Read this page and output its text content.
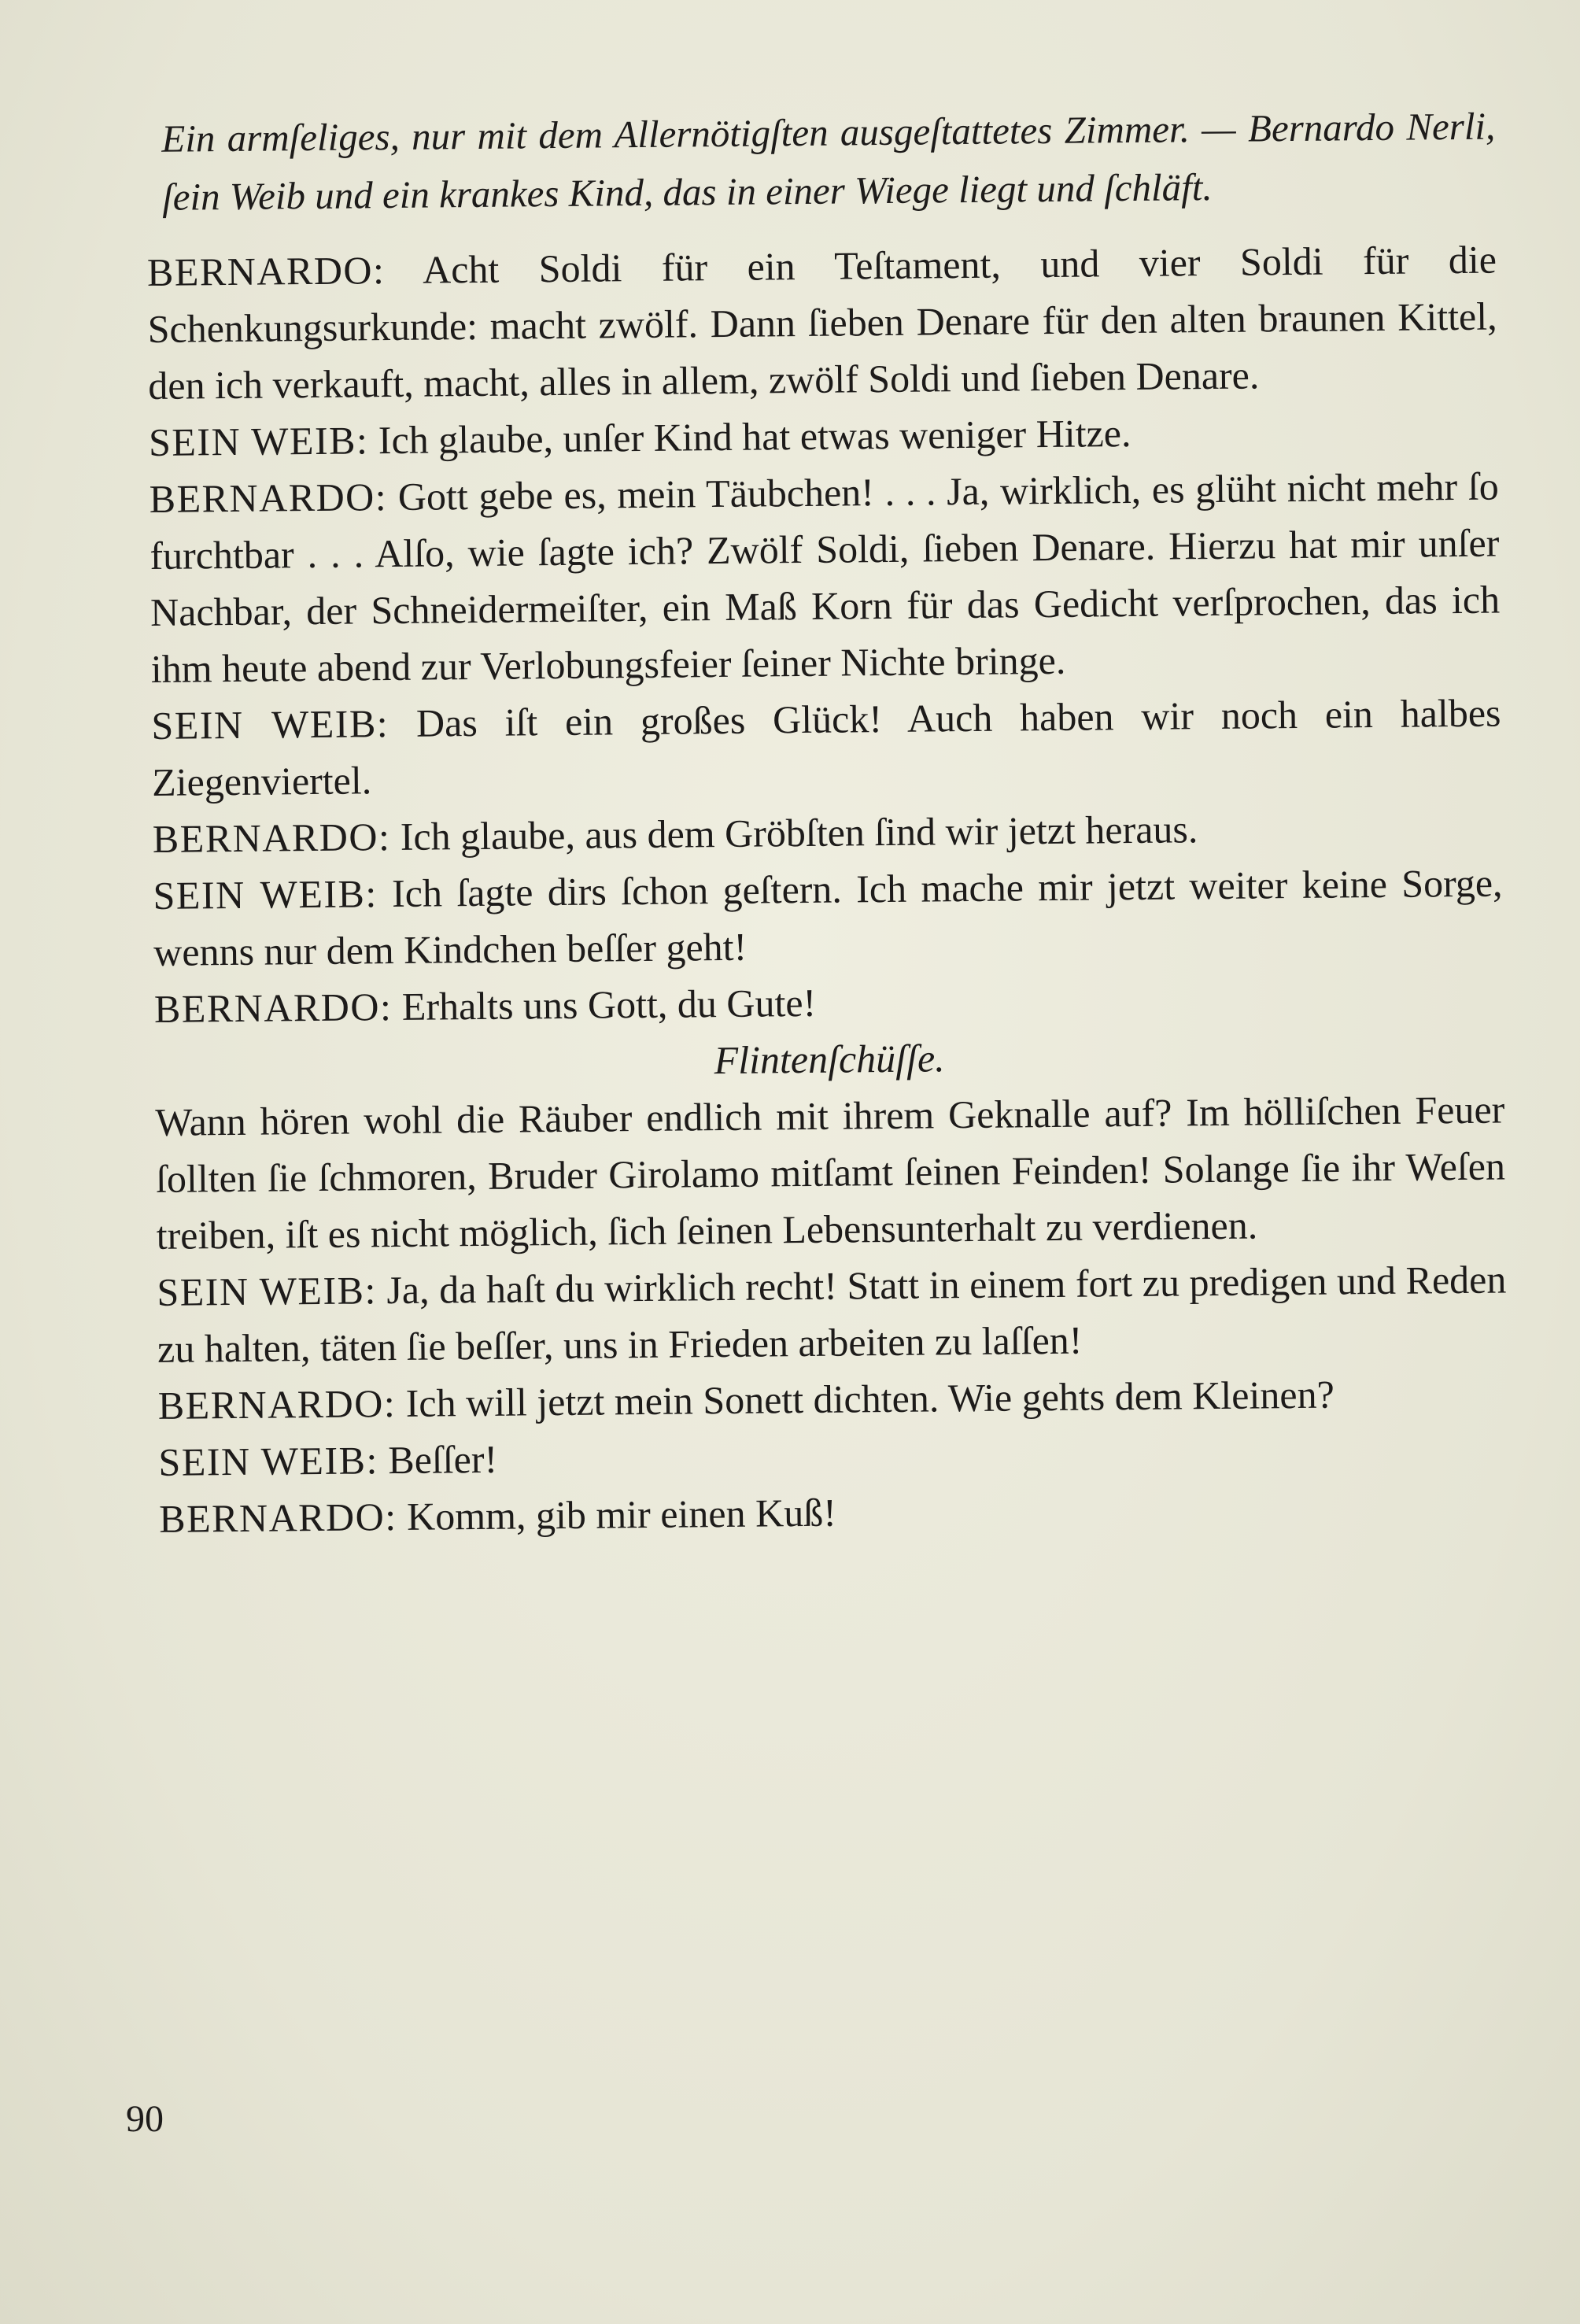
Ein armſeliges, nur mit dem Allernötigſten ausgeſtattetes Zimmer. — Bernardo Nerli, ſein Weib und ein krankes Kind, das in einer Wiege liegt und ſchläft.

BERNARDO: Acht Soldi für ein Teſtament, und vier Soldi für die Schenkungsurkunde: macht zwölf. Dann ſieben Denare für den alten braunen Kittel, den ich verkauft, macht, alles in allem, zwölf Soldi und ſieben Denare.

SEIN WEIB: Ich glaube, unſer Kind hat etwas weniger Hitze.

BERNARDO: Gott gebe es, mein Täubchen! . . . Ja, wirklich, es glüht nicht mehr ſo furchtbar . . . Alſo, wie ſagte ich? Zwölf Soldi, ſieben Denare. Hierzu hat mir unſer Nachbar, der Schneidermeiſter, ein Maß Korn für das Gedicht verſprochen, das ich ihm heute abend zur Verlobungsfeier ſeiner Nichte bringe.

SEIN WEIB: Das iſt ein großes Glück! Auch haben wir noch ein halbes Ziegenviertel.

BERNARDO: Ich glaube, aus dem Gröbſten ſind wir jetzt heraus.

SEIN WEIB: Ich ſagte dirs ſchon geſtern. Ich mache mir jetzt weiter keine Sorge, wenns nur dem Kindchen beſſer geht!

BERNARDO: Erhalts uns Gott, du Gute!

Flintenſchüſſe.

Wann hören wohl die Räuber endlich mit ihrem Geknalle auf? Im hölliſchen Feuer ſollten ſie ſchmoren, Bruder Girolamo mitſamt ſeinen Feinden! Solange ſie ihr Weſen treiben, iſt es nicht möglich, ſich ſeinen Lebensunterhalt zu verdienen.

SEIN WEIB: Ja, da haſt du wirklich recht! Statt in einem fort zu predigen und Reden zu halten, täten ſie beſſer, uns in Frieden arbeiten zu laſſen!

BERNARDO: Ich will jetzt mein Sonett dichten. Wie gehts dem Kleinen?

SEIN WEIB: Beſſer!

BERNARDO: Komm, gib mir einen Kuß!

90
